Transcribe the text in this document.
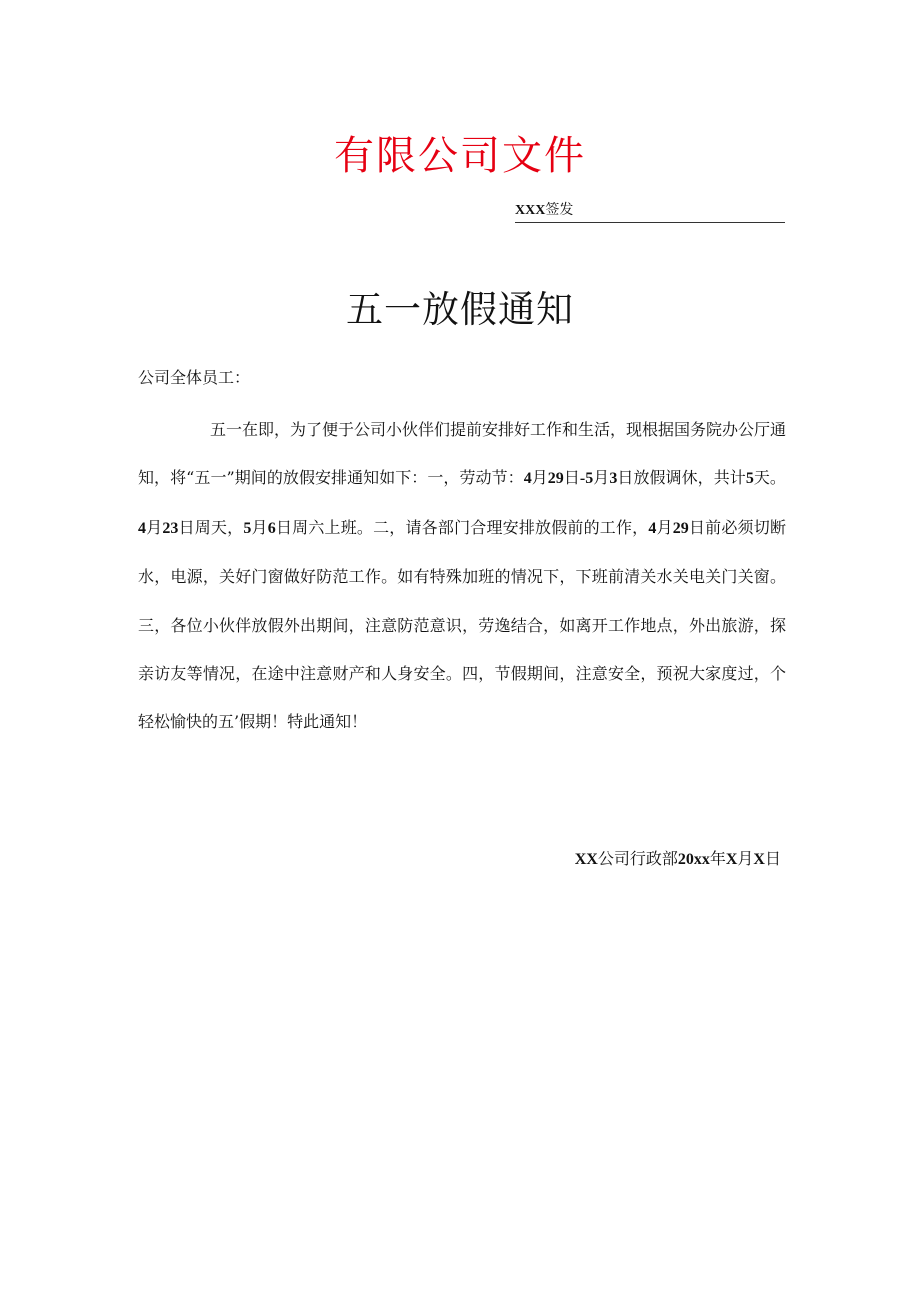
有限公司文件
XXX签发
五一放假通知
公司全体员工：

五一在即，为了便于公司小伙伴们提前安排好工作和生活，现根据国务院办公厅通知，将“五一”期间的放假安排通知如下：一，劳动节：4月29日-5月3日放假调休，共计5天。4月23日周天，5月6日周六上班。二，请各部门合理安排放假前的工作，4月29日前必须切断水，电源，关好门窗做好防范工作。如有特殊加班的情况下，下班前清关水关电关门关窗。三，各位小伙伴放假外出期间，注意防范意识，劳逸结合，如离开工作地点，外出旅游，探亲访友等情况，在途中注意财产和人身安全。四，节假期间，注意安全，预祝大家度过，个轻松愉快的五’假期！特此通知！

XX公司行政部20xx年X月X日
